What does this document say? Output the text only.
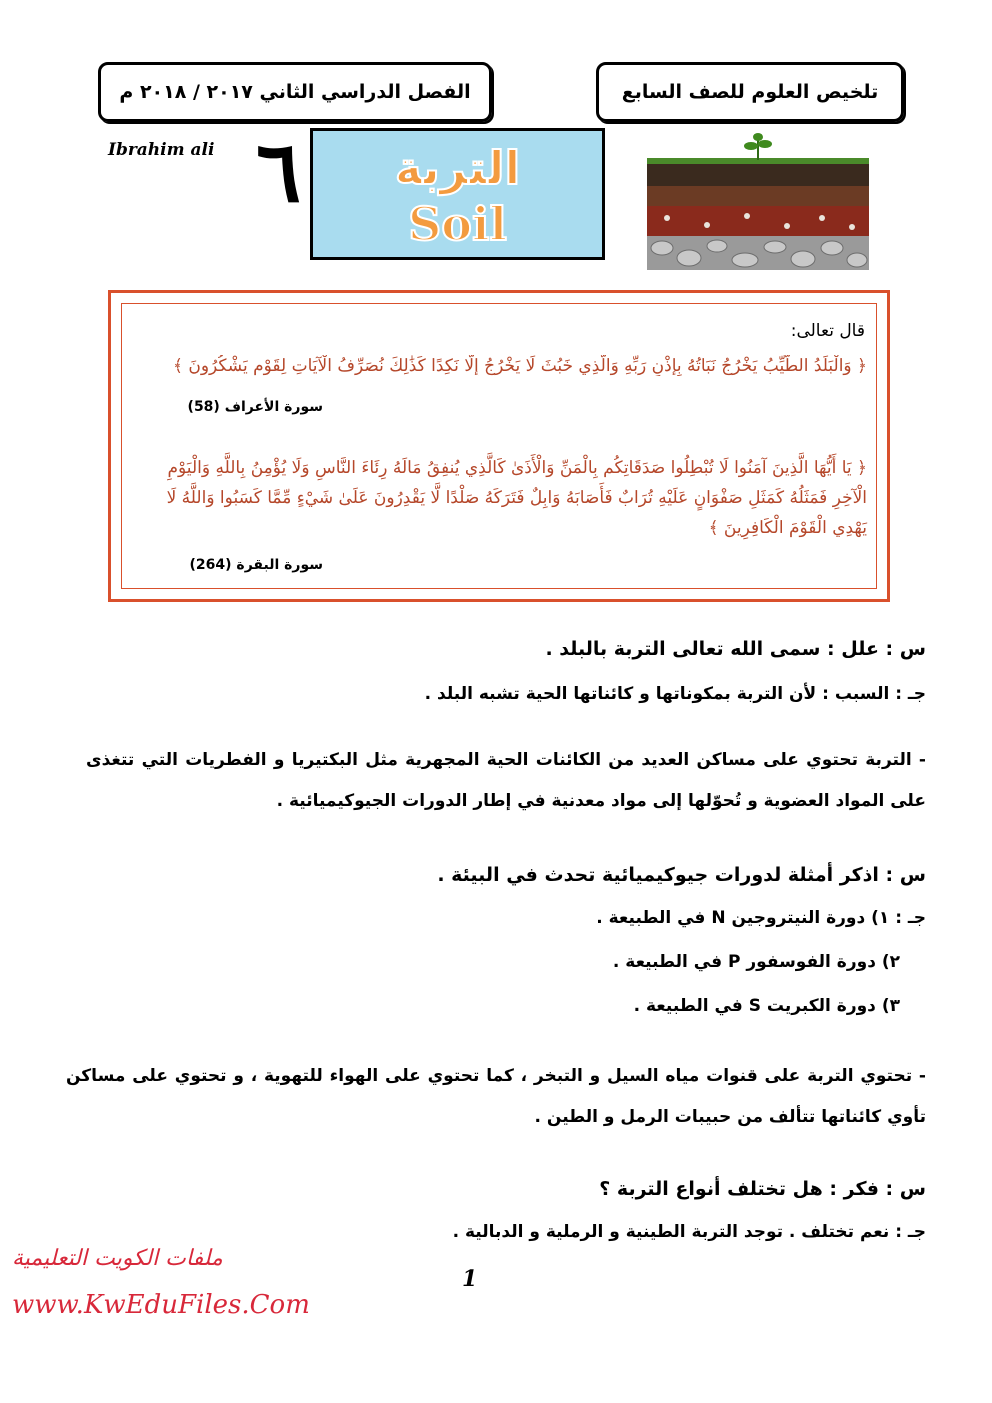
تلخيص العلوم للصف السابع
الفصل الدراسي الثاني ٢٠١٧ / ٢٠١٨ م
Ibrahim ali ٦	التربة
Soil
قال تعالى:
﴿ وَالْبَلَدُ الطَّيِّبُ يَخْرُجُ نَبَاتُهُ بِإِذْنِ رَبِّهِ وَالَّذِي خَبُثَ لَا يَخْرُجُ إِلَّا نَكِدًا كَذَٰلِكَ نُصَرِّفُ الْآيَاتِ لِقَوْمٍ يَشْكُرُونَ ﴾
سورة الأعراف (58)
﴿ يَا أَيُّهَا الَّذِينَ آمَنُوا لَا تُبْطِلُوا صَدَقَاتِكُم بِالْمَنِّ وَالْأَذَىٰ كَالَّذِي يُنفِقُ مَالَهُ رِئَاءَ النَّاسِ وَلَا يُؤْمِنُ بِاللَّهِ وَالْيَوْمِ الْآخِرِ فَمَثَلُهُ كَمَثَلِ صَفْوَانٍ عَلَيْهِ تُرَابٌ فَأَصَابَهُ وَابِلٌ فَتَرَكَهُ صَلْدًا لَّا يَقْدِرُونَ عَلَىٰ شَيْءٍ مِّمَّا كَسَبُوا وَاللَّهُ لَا يَهْدِي الْقَوْمَ الْكَافِرِينَ ﴾
سورة البقرة (264)
س : علل : سمى الله تعالى التربة بالبلد .
جـ : السبب : لأن التربة بمكوناتها و كائناتها الحية تشبه البلد .
- التربة تحتوي على مساكن العديد من الكائنات الحية المجهرية مثل البكتيريا و الفطريات التي تتغذى على المواد العضوية و تُحوّلها إلى مواد معدنية في إطار الدورات الجيوكيميائية .
س : اذكر أمثلة لدورات جيوكيميائية تحدث في البيئة .
جـ : ١) دورة النيتروجين N في الطبيعة .
٢) دورة الفوسفور P في الطبيعة .
٣) دورة الكبريت S في الطبيعة .
- تحتوي التربة على قنوات مياه السيل و التبخر ، كما تحتوي على الهواء للتهوية ، و تحتوي على مساكن تأوي كائناتها تتألف من حبيبات الرمل و الطين .
س : فكر : هل تختلف أنواع التربة ؟
جـ : نعم تختلف . توجد التربة الطينية و الرملية و الدبالية .
ملفات الكويت التعليمية
1
www.KwEduFiles.Com
